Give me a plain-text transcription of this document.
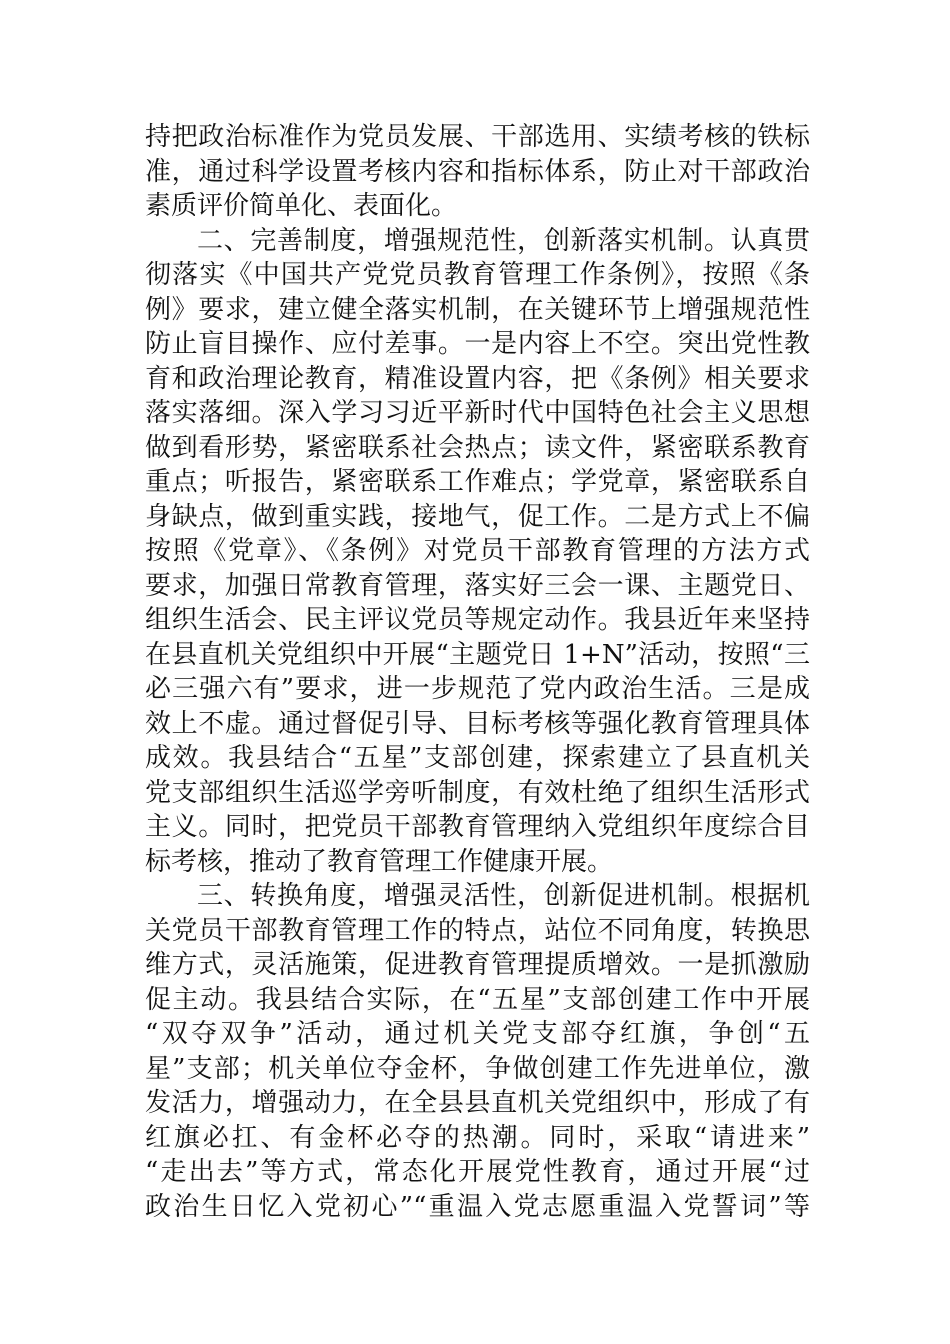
持把政治标准作为党员发展、干部选用、实绩考核的铁标
准，通过科学设置考核内容和指标体系，防止对干部政治
素质评价简单化、表面化。
二、完善制度，增强规范性，创新落实机制。认真贯
彻落实《中国共产党党员教育管理工作条例》，按照《条
例》要求，建立健全落实机制，在关键环节上增强规范性
防止盲目操作、应付差事。一是内容上不空。突出党性教
育和政治理论教育，精准设置内容，把《条例》相关要求
落实落细。深入学习习近平新时代中国特色社会主义思想
做到看形势，紧密联系社会热点；读文件，紧密联系教育
重点；听报告，紧密联系工作难点；学党章，紧密联系自
身缺点，做到重实践，接地气，促工作。二是方式上不偏
按照《党章》、《条例》对党员干部教育管理的方法方式
要求，加强日常教育管理，落实好三会一课、主题党日、
组织生活会、民主评议党员等规定动作。我县近年来坚持
在县直机关党组织中开展“主题党日 1+N”活动，按照“三
必三强六有”要求，进一步规范了党内政治生活。三是成
效上不虚。通过督促引导、目标考核等强化教育管理具体
成效。我县结合“五星”支部创建，探索建立了县直机关
党支部组织生活巡学旁听制度，有效杜绝了组织生活形式
主义。同时，把党员干部教育管理纳入党组织年度综合目
标考核，推动了教育管理工作健康开展。
三、转换角度，增强灵活性，创新促进机制。根据机
关党员干部教育管理工作的特点，站位不同角度，转换思
维方式，灵活施策，促进教育管理提质增效。一是抓激励
促主动。我县结合实际，在“五星”支部创建工作中开展
“双夺双争”活动，通过机关党支部夺红旗，争创“五
星”支部；机关单位夺金杯，争做创建工作先进单位，激
发活力，增强动力，在全县县直机关党组织中，形成了有
红旗必扛、有金杯必夺的热潮。同时，采取“请进来”
“走出去”等方式，常态化开展党性教育，通过开展“过
政治生日忆入党初心”“重温入党志愿重温入党誓词”等
